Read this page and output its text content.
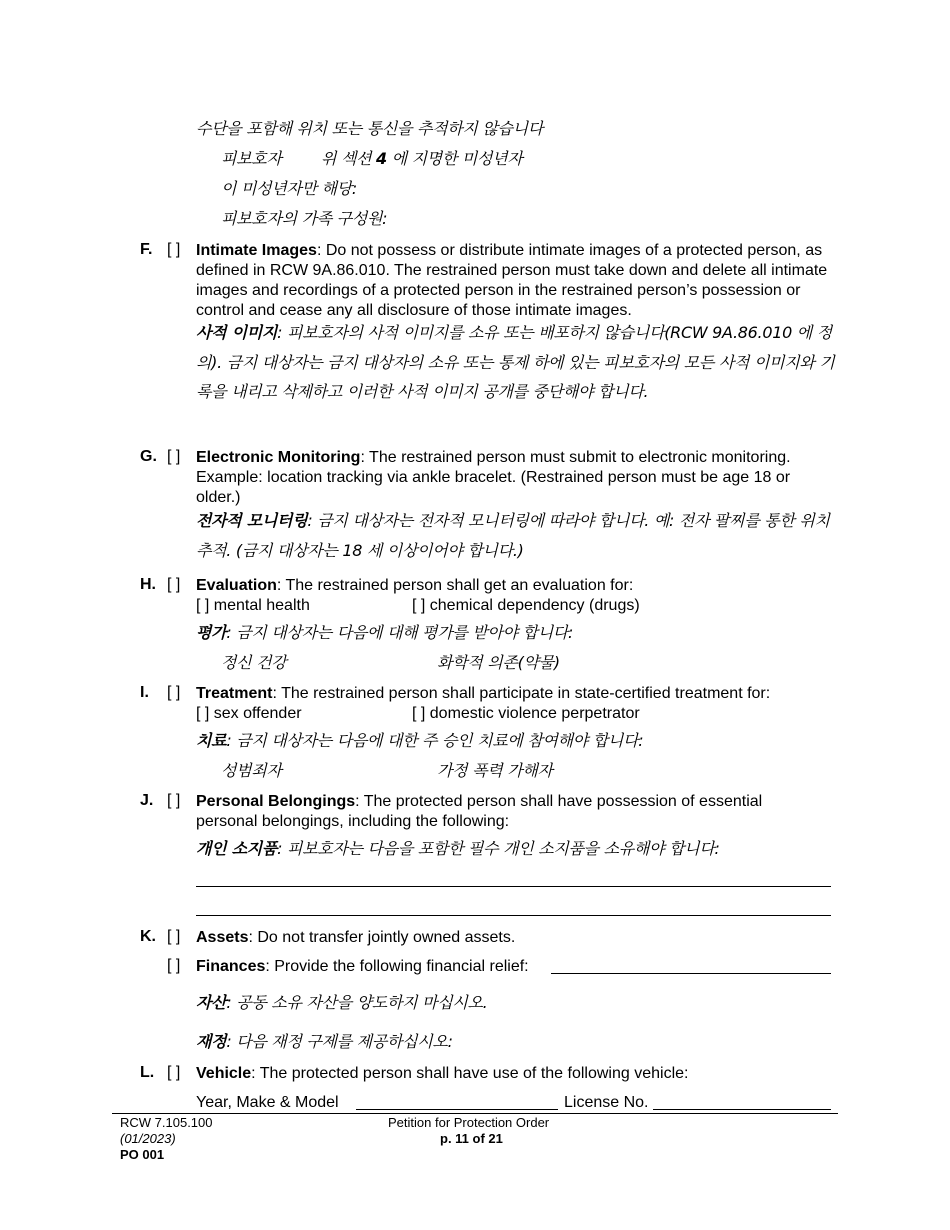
수단을 포함해 위치 또는 통신을 추적하지 않습니다
피보호자 위 섹션 4 에 지명한 미성년자
이 미성년자만 해당:
피보호자의 가족 구성원:
F. [ ] Intimate Images: Do not possess or distribute intimate images of a protected person, as defined in RCW 9A.86.010. The restrained person must take down and delete all intimate images and recordings of a protected person in the restrained person’s possession or control and cease any all disclosure of those intimate images.
사적 이미지: 피보호자의 사적 이미지를 소유 또는 배포하지 않습니다(RCW 9A.86.010 에 정의). 금지 대상자는 금지 대상자의 소유 또는 통제 하에 있는 피보호자의 모든 사적 이미지와 기록을 내리고 삭제하고 이러한 사적 이미지 공개를 중단해야 합니다.
G. [ ] Electronic Monitoring: The restrained person must submit to electronic monitoring. Example: location tracking via ankle bracelet. (Restrained person must be age 18 or older.)
전자적 모니터링: 금지 대상자는 전자적 모니터링에 따라야 합니다. 예: 전자 팔찌를 통한 위치 추적. (금지 대상자는 18 세 이상이어야 합니다.)
H. [ ] Evaluation: The restrained person shall get an evaluation for:
[ ] mental health	[ ] chemical dependency (drugs)
평가: 금지 대상자는 다음에 대해 평가를 받아야 합니다:
정신 건강	화학적 의존(약물)
I. [ ] Treatment: The restrained person shall participate in state-certified treatment for:
[ ] sex offender	[ ] domestic violence perpetrator
치료: 금지 대상자는 다음에 대한 주 승인 치료에 참여해야 합니다:
성범죄자	가정 폭력 가해자
J. [ ] Personal Belongings: The protected person shall have possession of essential personal belongings, including the following:
개인 소지품: 피보호자는 다음을 포함한 필수 개인 소지품을 소유해야 합니다:
K. [ ] Assets: Do not transfer jointly owned assets.
[ ] Finances: Provide the following financial relief:
자산: 공동 소유 자산을 양도하지 마십시오.
재정: 다음 재정 구제를 제공하십시오:
L. [ ] Vehicle: The protected person shall have use of the following vehicle:
Year, Make & Model	License No.
RCW 7.105.100
(01/2023)
PO 001
Petition for Protection Order
p. 11 of 21
